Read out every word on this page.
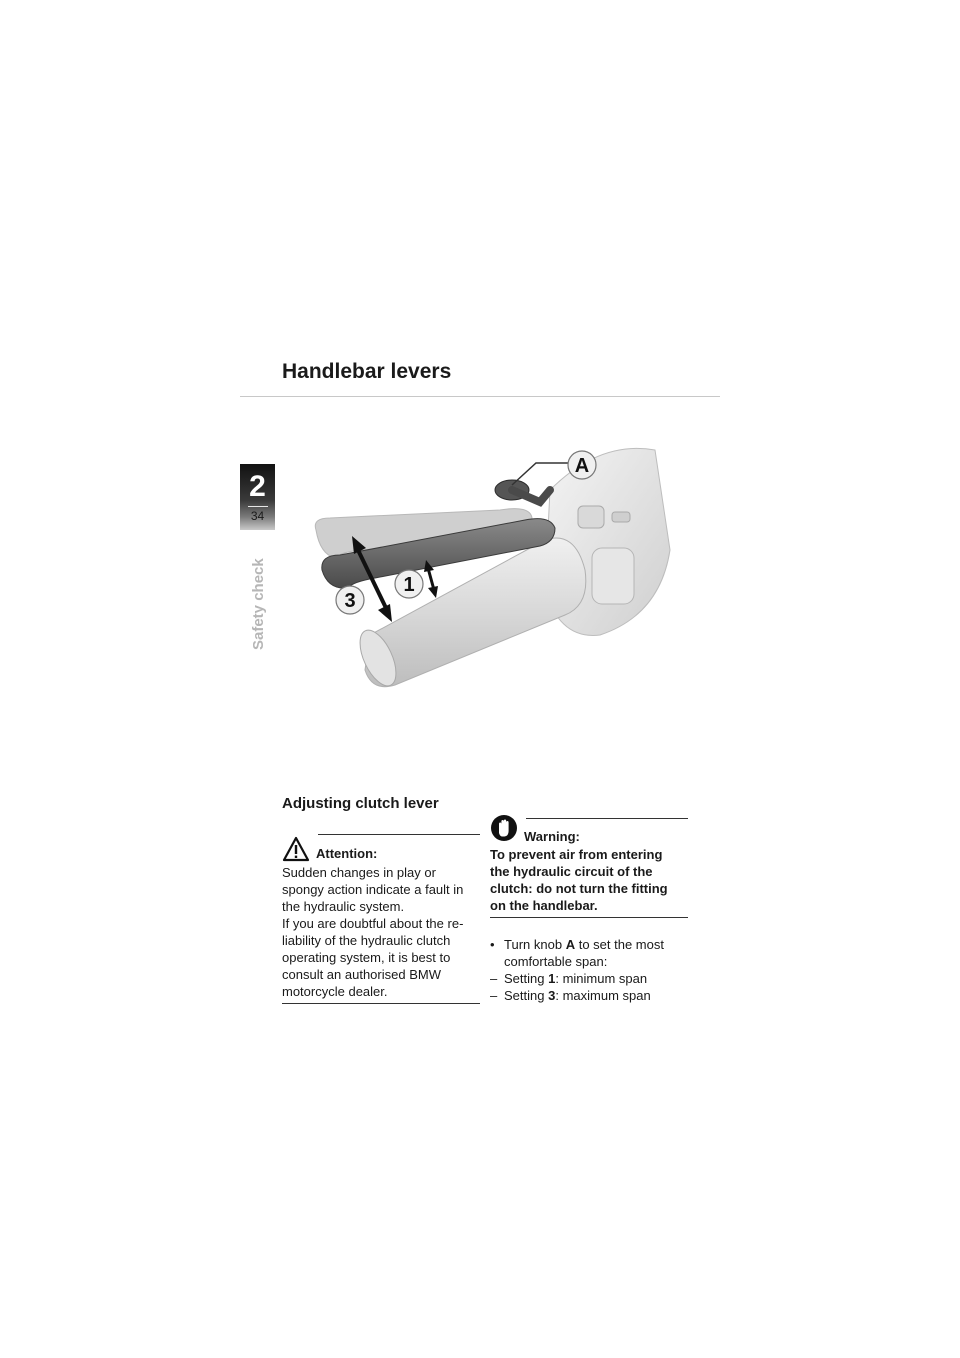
Handlebar levers
2
34
Safety check
A
1
3
Adjusting clutch lever
Attention:

Sudden changes in play or
spongy action indicate a fault in
the hydraulic system.
If you are doubtful about the re-
liability of the hydraulic clutch
operating system, it is best to
consult an authorised BMW
motorcycle dealer.

Warning:

To prevent air from entering
the hydraulic circuit of the
clutch: do not turn the fitting
on the handlebar.

• Turn knob A to set the most
comfortable span:
– Setting 1: minimum span
– Setting 3: maximum span
